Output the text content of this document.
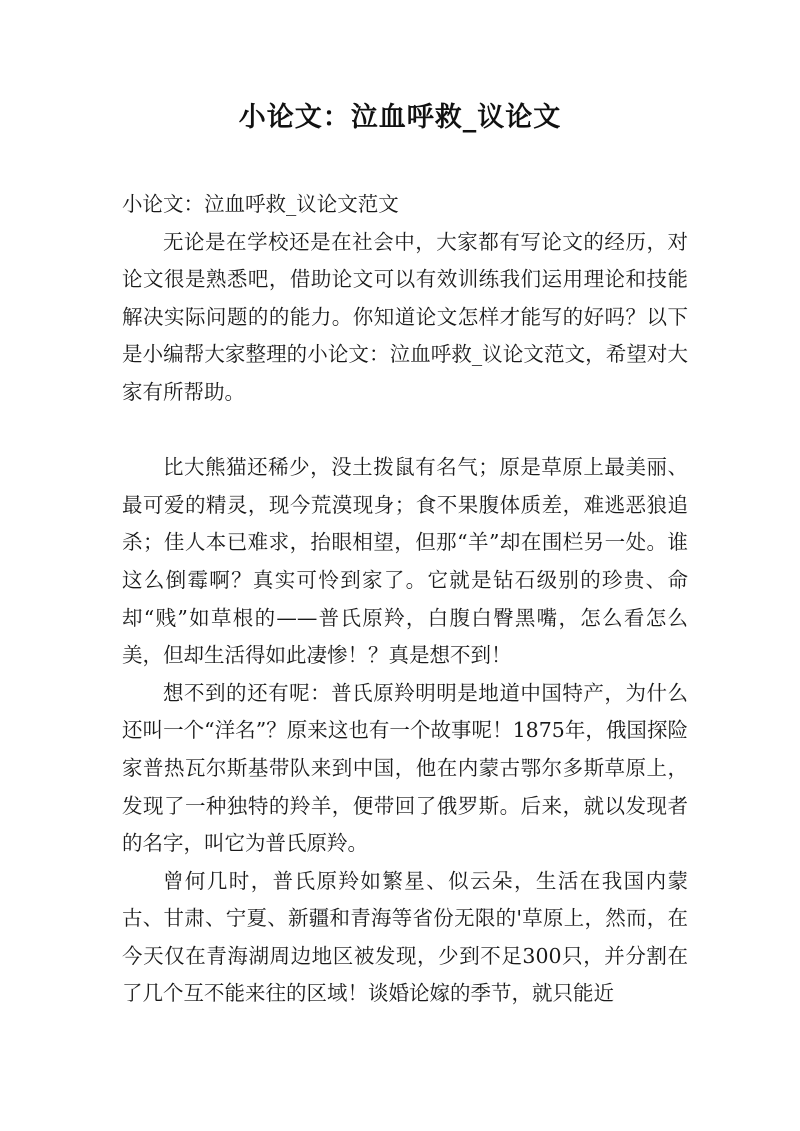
小论文：泣血呼救_议论文

小论文：泣血呼救_议论文范文

无论是在学校还是在社会中，大家都有写论文的经历，对论文很是熟悉吧，借助论文可以有效训练我们运用理论和技能解决实际问题的的能力。你知道论文怎样才能写的好吗？以下是小编帮大家整理的小论文：泣血呼救_议论文范文，希望对大家有所帮助。

比大熊猫还稀少，没土拨鼠有名气；原是草原上最美丽、最可爱的精灵，现今荒漠现身；食不果腹体质差，难逃恶狼追杀；佳人本已难求，抬眼相望，但那“羊”却在围栏另一处。谁这么倒霉啊？真实可怜到家了。它就是钻石级别的珍贵、命却“贱”如草根的——普氏原羚，白腹白臀黑嘴，怎么看怎么美，但却生活得如此凄惨！？真是想不到！

想不到的还有呢：普氏原羚明明是地道中国特产，为什么还叫一个“洋名”？原来这也有一个故事呢！1875年，俄国探险家普热瓦尔斯基带队来到中国，他在内蒙古鄂尔多斯草原上，发现了一种独特的羚羊，便带回了俄罗斯。后来，就以发现者的名字，叫它为普氏原羚。

曾何几时，普氏原羚如繁星、似云朵，生活在我国内蒙古、甘肃、宁夏、新疆和青海等省份无限的'草原上，然而，在今天仅在青海湖周边地区被发现，少到不足300只，并分割在了几个互不能来往的区域！谈婚论嫁的季节，就只能近
